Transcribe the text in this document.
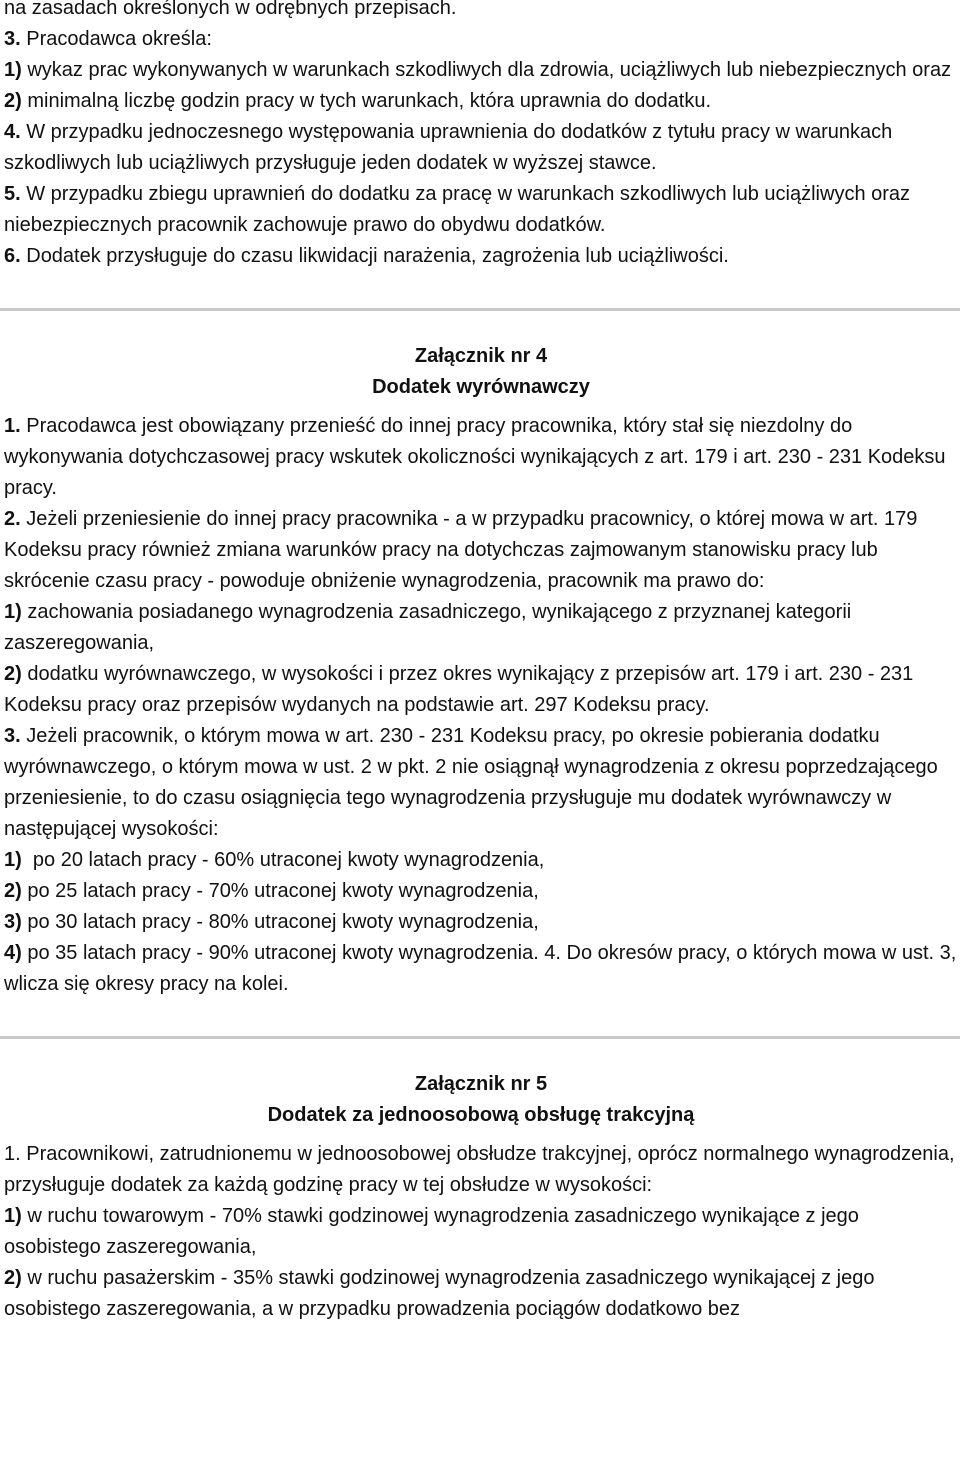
na zasadach określonych w odrębnych przepisach.

3. Pracodawca określa:

1) wykaz prac wykonywanych w warunkach szkodliwych dla zdrowia, uciążliwych lub niebezpiecznych oraz

2) minimalną liczbę godzin pracy w tych warunkach, która uprawnia do dodatku.

4. W przypadku jednoczesnego występowania uprawnienia do dodatków z tytułu pracy w warunkach szkodliwych lub uciążliwych przysługuje jeden dodatek w wyższej stawce.

5. W przypadku zbiegu uprawnień do dodatku za pracę w warunkach szkodliwych lub uciążliwych oraz niebezpiecznych pracownik zachowuje prawo do obydwu dodatków.

6. Dodatek przysługuje do czasu likwidacji narażenia, zagrożenia lub uciążliwości.

Załącznik nr 4
Dodatek wyrównawczy

1. Pracodawca jest obowiązany przenieść do innej pracy pracownika, który stał się niezdolny do wykonywania dotychczasowej pracy wskutek okoliczności wynikających z art. 179 i art. 230 - 231 Kodeksu pracy.

2. Jeżeli przeniesienie do innej pracy pracownika - a w przypadku pracownicy, o której mowa w art. 179 Kodeksu pracy również zmiana warunków pracy na dotychczas zajmowanym stanowisku pracy lub skrócenie czasu pracy - powoduje obniżenie wynagrodzenia, pracownik ma prawo do:

1) zachowania posiadanego wynagrodzenia zasadniczego, wynikającego z przyznanej kategorii zaszeregowania,

2) dodatku wyrównawczego, w wysokości i przez okres wynikający z przepisów art. 179 i art. 230 - 231 Kodeksu pracy oraz przepisów wydanych na podstawie art. 297 Kodeksu pracy.

3. Jeżeli pracownik, o którym mowa w art. 230 - 231 Kodeksu pracy, po okresie pobierania dodatku wyrównawczego, o którym mowa w ust. 2 w pkt. 2 nie osiągnął wynagrodzenia z okresu poprzedzającego przeniesienie, to do czasu osiągnięcia tego wynagrodzenia przysługuje mu dodatek wyrównawczy w następującej wysokości:

1)  po 20 latach pracy - 60% utraconej kwoty wynagrodzenia,

2) po 25 latach pracy - 70% utraconej kwoty wynagrodzenia,

3) po 30 latach pracy - 80% utraconej kwoty wynagrodzenia,

4) po 35 latach pracy - 90% utraconej kwoty wynagrodzenia. 4. Do okresów pracy, o których mowa w ust. 3, wlicza się okresy pracy na kolei.

Załącznik nr 5
Dodatek za jednoosobową obsługę trakcyjną

1. Pracownikowi, zatrudnionemu w jednoosobowej obsłudze trakcyjnej, oprócz normalnego wynagrodzenia, przysługuje dodatek za każdą godzinę pracy w tej obsłudze w wysokości:

1) w ruchu towarowym - 70% stawki godzinowej wynagrodzenia zasadniczego wynikające z jego osobistego zaszeregowania,

2) w ruchu pasażerskim - 35% stawki godzinowej wynagrodzenia zasadniczego wynikającej z jego osobistego zaszeregowania, a w przypadku prowadzenia pociągów dodatkowo bez
